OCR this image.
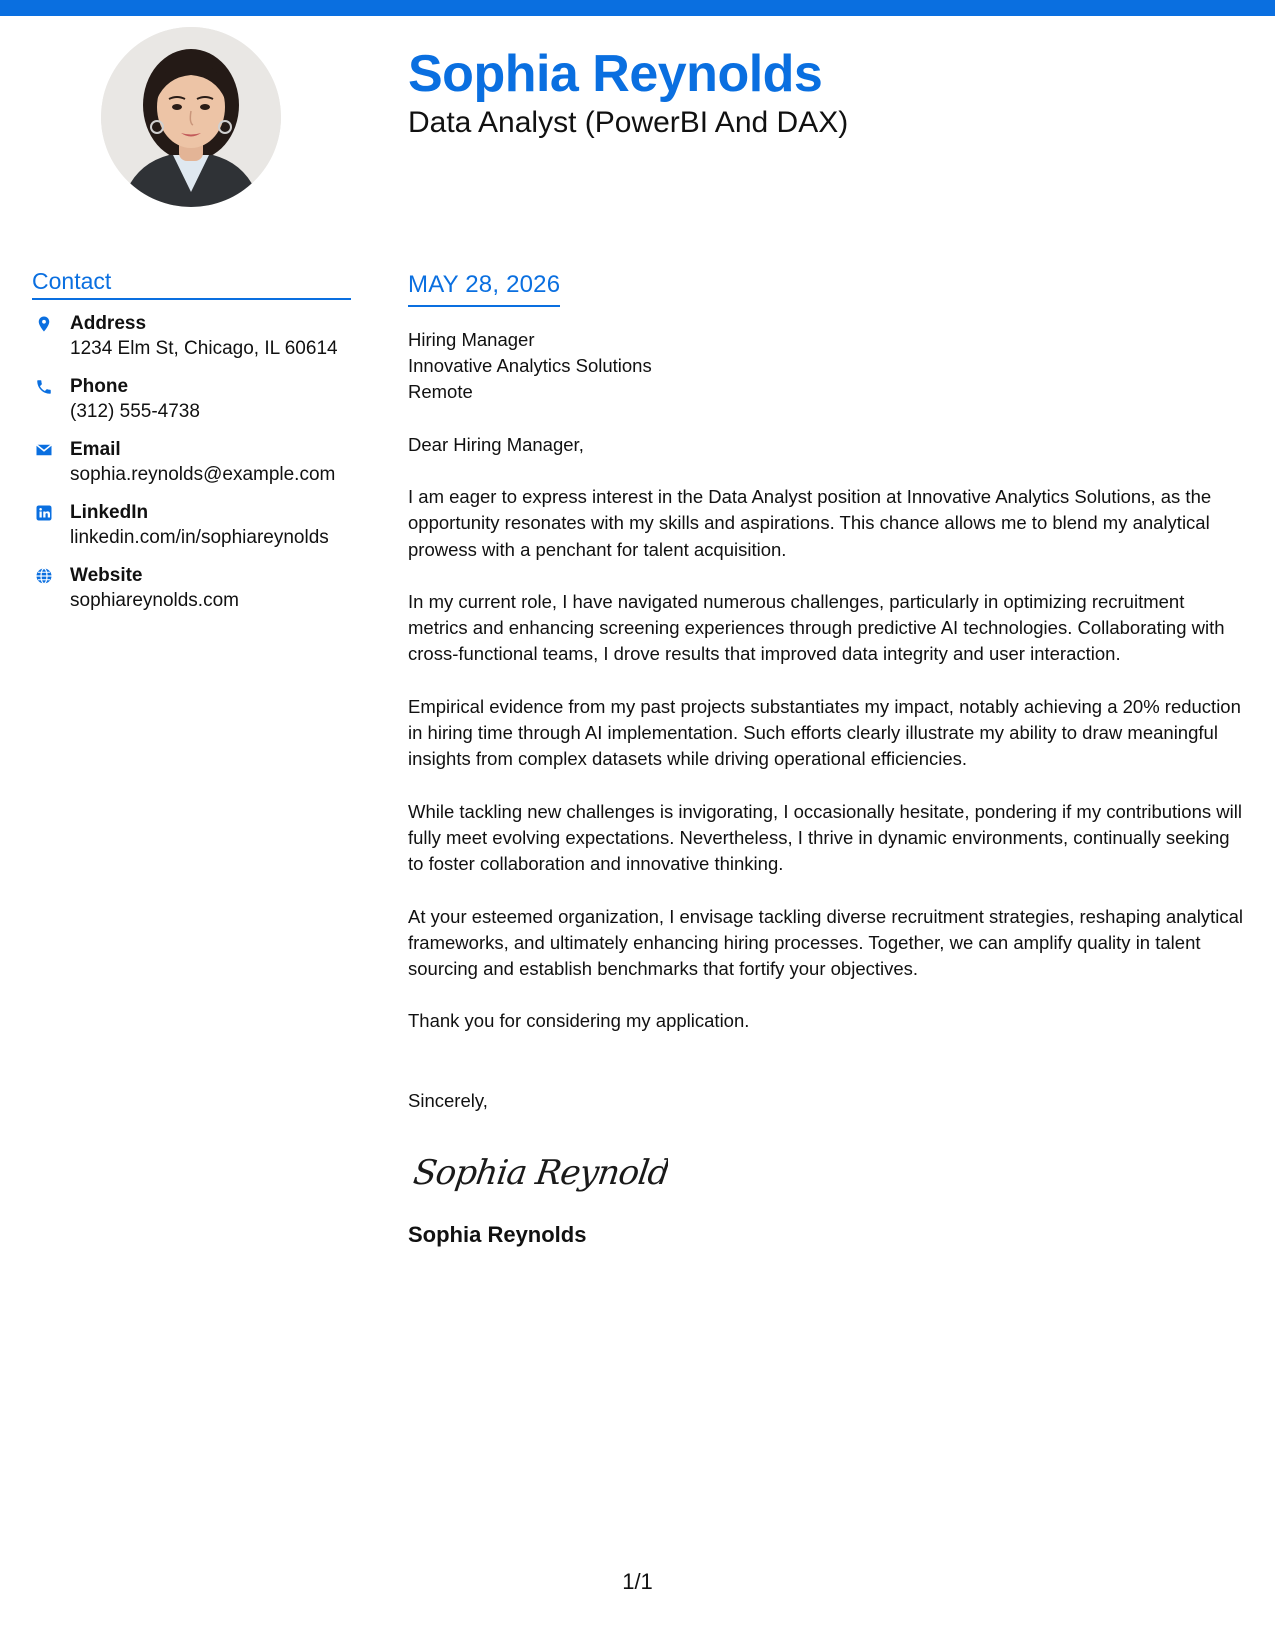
Sophia Reynolds
Data Analyst (PowerBI And DAX)
Contact
Address
1234 Elm St, Chicago, IL 60614
Phone
(312) 555-4738
Email
sophia.reynolds@example.com
LinkedIn
linkedin.com/in/sophiareynolds
Website
sophiareynolds.com
MAY 28, 2026
Hiring Manager
Innovative Analytics Solutions
Remote
Dear Hiring Manager,
I am eager to express interest in the Data Analyst position at Innovative Analytics Solutions, as the opportunity resonates with my skills and aspirations. This chance allows me to blend my analytical prowess with a penchant for talent acquisition.
In my current role, I have navigated numerous challenges, particularly in optimizing recruitment metrics and enhancing screening experiences through predictive AI technologies. Collaborating with cross-functional teams, I drove results that improved data integrity and user interaction.
Empirical evidence from my past projects substantiates my impact, notably achieving a 20% reduction in hiring time through AI implementation. Such efforts clearly illustrate my ability to draw meaningful insights from complex datasets while driving operational efficiencies.
While tackling new challenges is invigorating, I occasionally hesitate, pondering if my contributions will fully meet evolving expectations. Nevertheless, I thrive in dynamic environments, continually seeking to foster collaboration and innovative thinking.
At your esteemed organization, I envisage tackling diverse recruitment strategies, reshaping analytical frameworks, and ultimately enhancing hiring processes. Together, we can amplify quality in talent sourcing and establish benchmarks that fortify your objectives.
Thank you for considering my application.
Sincerely,
Sophia Reynolds
Sophia Reynolds
1/1
